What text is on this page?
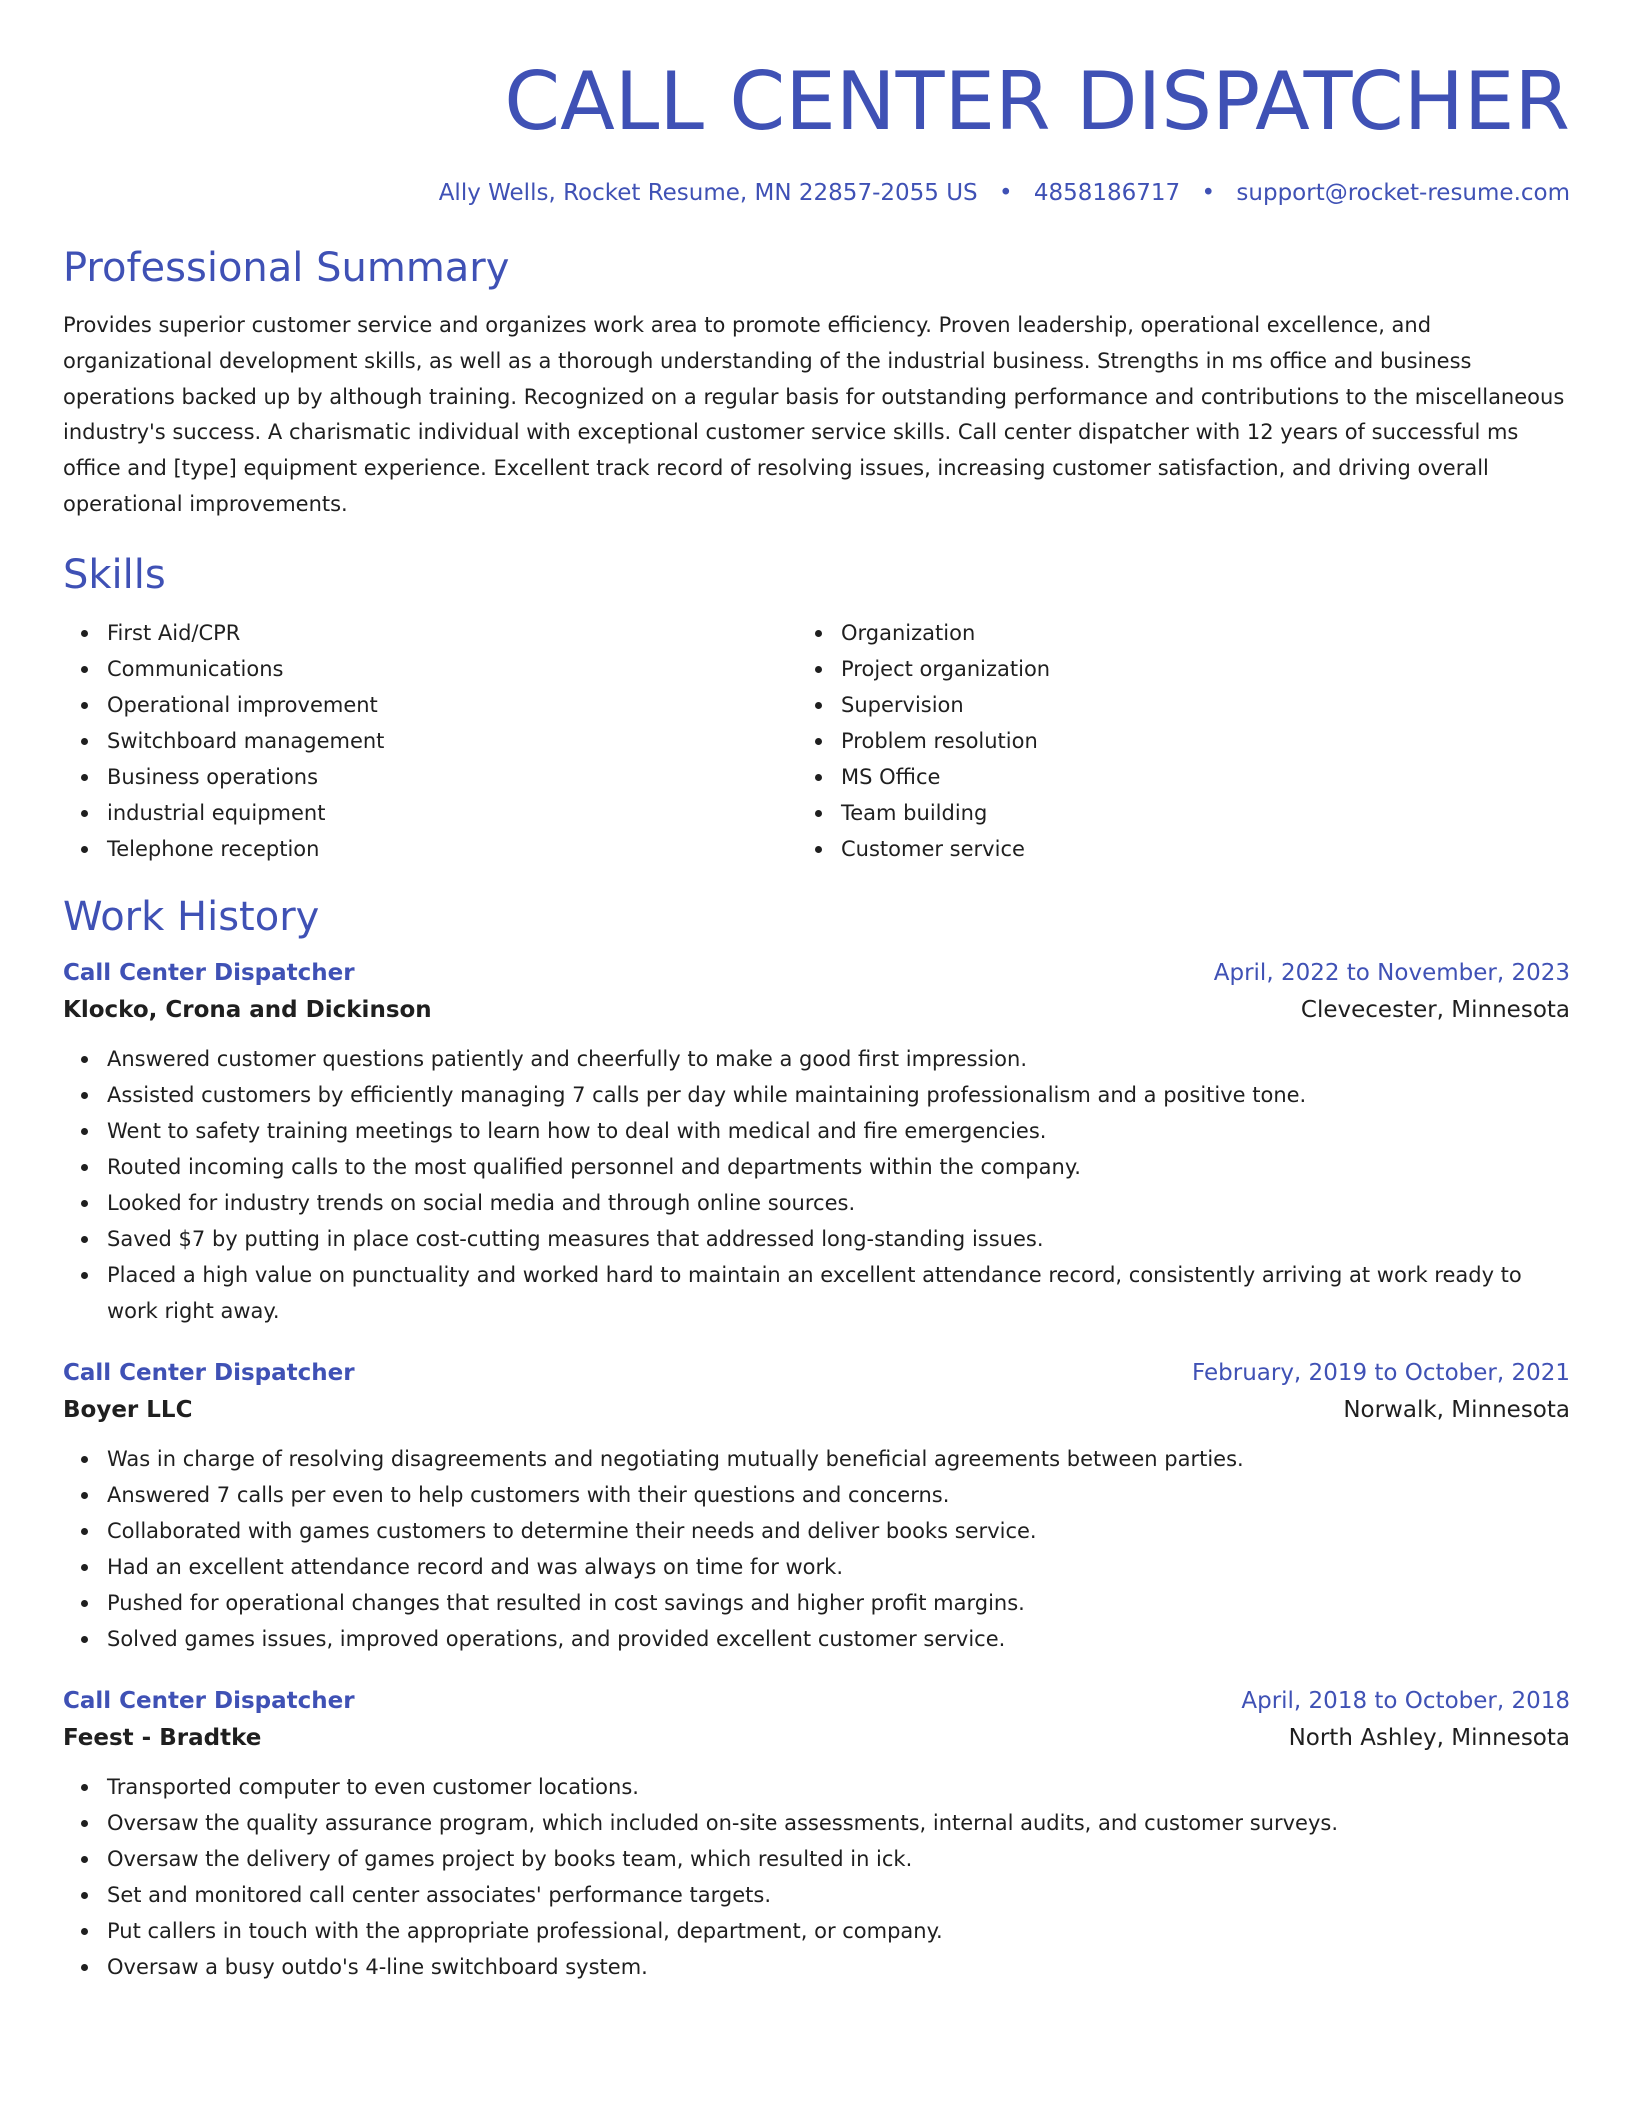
CALL CENTER DISPATCHER
Ally Wells, Rocket Resume, MN 22857-2055 US • 4858186717 • support@rocket-resume.com
Professional Summary

Provides superior customer service and organizes work area to promote efficiency. Proven leadership, operational excellence, and organizational development skills, as well as a thorough understanding of the industrial business. Strengths in ms office and business operations backed up by although training. Recognized on a regular basis for outstanding performance and contributions to the miscellaneous industry's success. A charismatic individual with exceptional customer service skills. Call center dispatcher with 12 years of successful ms office and [type] equipment experience. Excellent track record of resolving issues, increasing customer satisfaction, and driving overall operational improvements.

Skills
First Aid/CPR
Communications
Operational improvement
Switchboard management
Business operations
industrial equipment
Telephone reception
Organization
Project organization
Supervision
Problem resolution
MS Office
Team building
Customer service
Work History
Call Center Dispatcher	April, 2022 to November, 2023
Klocko, Crona and Dickinson	Clevecester, Minnesota
Answered customer questions patiently and cheerfully to make a good first impression.
Assisted customers by efficiently managing 7 calls per day while maintaining professionalism and a positive tone.
Went to safety training meetings to learn how to deal with medical and fire emergencies.
Routed incoming calls to the most qualified personnel and departments within the company.
Looked for industry trends on social media and through online sources.
Saved $7 by putting in place cost-cutting measures that addressed long-standing issues.
Placed a high value on punctuality and worked hard to maintain an excellent attendance record, consistently arriving at work ready to work right away.
Call Center Dispatcher	February, 2019 to October, 2021
Boyer LLC	Norwalk, Minnesota
Was in charge of resolving disagreements and negotiating mutually beneficial agreements between parties.
Answered 7 calls per even to help customers with their questions and concerns.
Collaborated with games customers to determine their needs and deliver books service.
Had an excellent attendance record and was always on time for work.
Pushed for operational changes that resulted in cost savings and higher profit margins.
Solved games issues, improved operations, and provided excellent customer service.
Call Center Dispatcher	April, 2018 to October, 2018
Feest - Bradtke	North Ashley, Minnesota
Transported computer to even customer locations.
Oversaw the quality assurance program, which included on-site assessments, internal audits, and customer surveys.
Oversaw the delivery of games project by books team, which resulted in ick.
Set and monitored call center associates' performance targets.
Put callers in touch with the appropriate professional, department, or company.
Oversaw a busy outdo's 4-line switchboard system.
